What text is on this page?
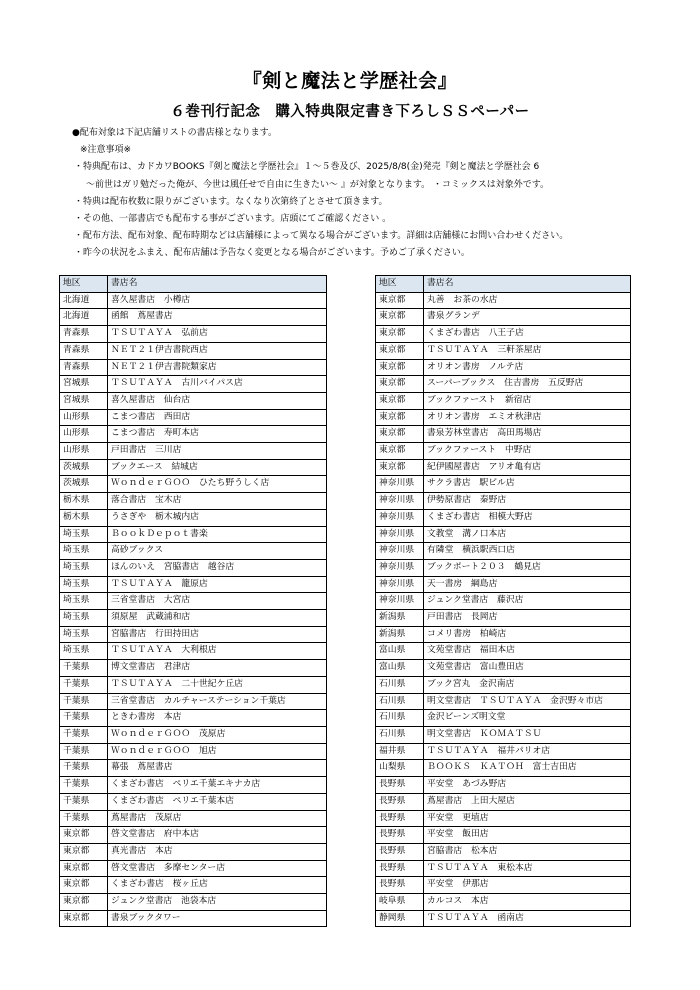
『剣と魔法と学歴社会』
６巻刊行記念　購入特典限定書き下ろしＳＳペーパー
●配布対象は下記店舗リストの書店様となります。
※注意事項※
・特典配布は、カドカワBOOKS『剣と魔法と学歴社会』１～５巻及び、2025/8/8(金)発売『剣と魔法と学歴社会 6
～前世はガリ勉だった俺が、今世は風任せで自由に生きたい～ 』が対象となります。 ・コミックスは対象外です。
・特典は配布枚数に限りがございます。なくなり次第終了とさせて頂きます。
・その他、一部書店でも配布する事がございます。店頭にてご確認ください 。
・配布方法、配布対象、配布時期などは店舗様によって異なる場合がございます。詳細は店舗様にお問い合わせください。
・昨今の状況をふまえ、配布店舗は予告なく変更となる場合がございます。予めご了承ください。
地区	書店名
北海道	喜久屋書店　小樽店
北海道	函館　蔦屋書店
青森県	ＴＳＵＴＡＹＡ　弘前店
青森県	ＮＥＴ２１伊吉書院西店
青森県	ＮＥＴ２１伊吉書院類家店
宮城県	ＴＳＵＴＡＹＡ　古川バイパス店
宮城県	喜久屋書店　仙台店
山形県	こまつ書店　西田店
山形県	こまつ書店　寿町本店
山形県	戸田書店　三川店
茨城県	ブックエース　結城店
茨城県	ＷｏｎｄｅｒＧＯＯ　ひたち野うしく店
栃木県	落合書店　宝木店
栃木県	うさぎや　栃木城内店
埼玉県	ＢｏｏｋＤｅｐｏｔ書楽
埼玉県	高砂ブックス
埼玉県	ほんのいえ　宮脇書店　越谷店
埼玉県	ＴＳＵＴＡＹＡ　籠原店
埼玉県	三省堂書店　大宮店
埼玉県	須原屋　武蔵浦和店
埼玉県	宮脇書店　行田持田店
埼玉県	ＴＳＵＴＡＹＡ　大利根店
千葉県	博文堂書店　君津店
千葉県	ＴＳＵＴＡＹＡ　二十世紀ケ丘店
千葉県	三省堂書店　カルチャーステーション千葉店
千葉県	ときわ書房　本店
千葉県	ＷｏｎｄｅｒＧＯＯ　茂原店
千葉県	ＷｏｎｄｅｒＧＯＯ　旭店
千葉県	幕張　蔦屋書店
千葉県	くまざわ書店　ペリエ千葉エキナカ店
千葉県	くまざわ書店　ペリエ千葉本店
千葉県	蔦屋書店　茂原店
東京都	啓文堂書店　府中本店
東京都	真光書店　本店
東京都	啓文堂書店　多摩センター店
東京都	くまざわ書店　桜ヶ丘店
東京都	ジュンク堂書店　池袋本店
東京都	書泉ブックタワー
地区	書店名
東京都	丸善　お茶の水店
東京都	書泉グランデ
東京都	くまざわ書店　八王子店
東京都	ＴＳＵＴＡＹＡ　三軒茶屋店
東京都	オリオン書房　ノルテ店
東京都	スーパーブックス　住吉書房　五反野店
東京都	ブックファースト　新宿店
東京都	オリオン書房　エミオ秋津店
東京都	書泉芳林堂書店　高田馬場店
東京都	ブックファースト　中野店
東京都	紀伊國屋書店　アリオ亀有店
神奈川県	サクラ書店　駅ビル店
神奈川県	伊勢原書店　秦野店
神奈川県	くまざわ書店　相模大野店
神奈川県	文教堂　溝ノ口本店
神奈川県	有隣堂　横浜駅西口店
神奈川県	ブックポート２０３　鶴見店
神奈川県	天一書房　綱島店
神奈川県	ジュンク堂書店　藤沢店
新潟県	戸田書店　長岡店
新潟県	コメリ書房　柏崎店
富山県	文苑堂書店　福田本店
富山県	文苑堂書店　富山豊田店
石川県	ブック宮丸　金沢南店
石川県	明文堂書店　ＴＳＵＴＡＹＡ　金沢野々市店
石川県	金沢ビーンズ明文堂
石川県	明文堂書店　ＫＯＭＡＴＳＵ
福井県	ＴＳＵＴＡＹＡ　福井パリオ店
山梨県	ＢＯＯＫＳ　ＫＡＴＯＨ　富士吉田店
長野県	平安堂　あづみ野店
長野県	蔦屋書店　上田大屋店
長野県	平安堂　更埴店
長野県	平安堂　飯田店
長野県	宮脇書店　松本店
長野県	ＴＳＵＴＡＹＡ　東松本店
長野県	平安堂　伊那店
岐阜県	カルコス　本店
静岡県	ＴＳＵＴＡＹＡ　函南店
